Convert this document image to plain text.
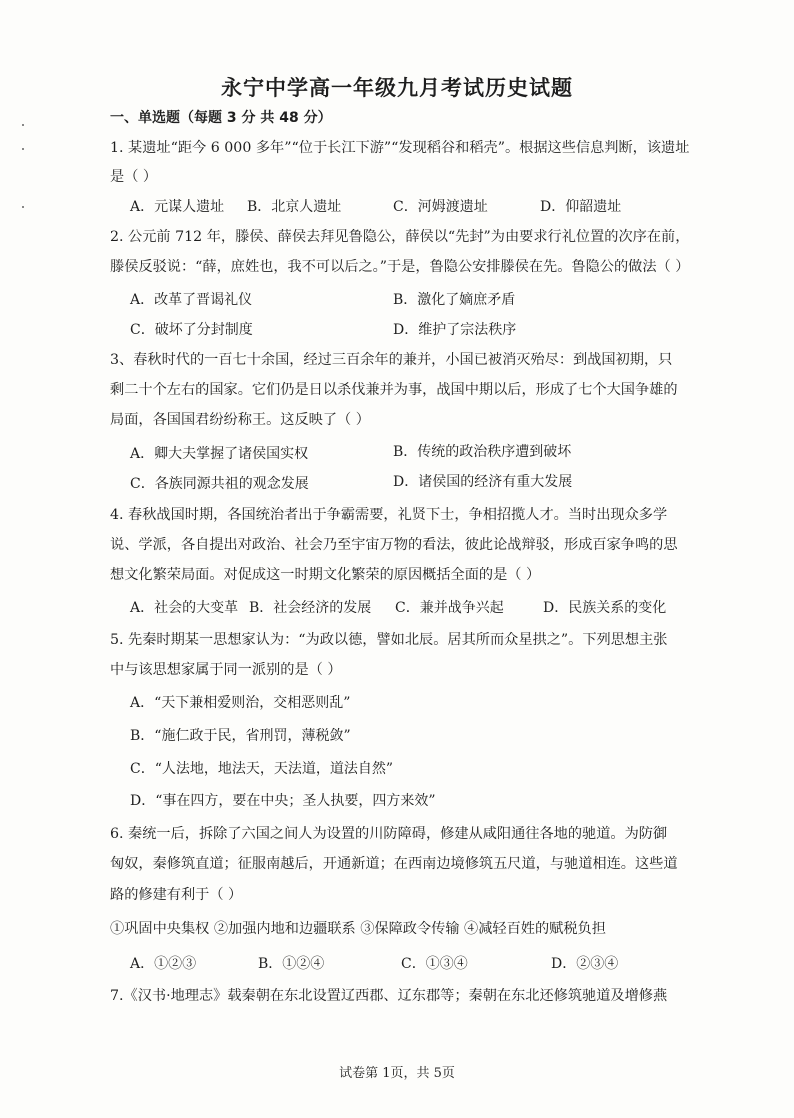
永宁中学高一年级九月考试历史试题
一、单选题（每题 3 分 共 48 分）
1. 某遗址“距今 6 000 多年”“位于长江下游”“发现稻谷和稻壳”。根据这些信息判断，该遗址
是（ ）
A．元谋人遗址 B．北京人遗址	C．河姆渡遗址	D．仰韶遗址
2. 公元前 712 年，滕侯、薛侯去拜见鲁隐公，薛侯以“先封”为由要求行礼位置的次序在前，
滕侯反驳说：“薛，庶姓也，我不可以后之。”于是，鲁隐公安排滕侯在先。鲁隐公的做法（ ）
A．改革了晋谒礼仪	B．激化了嫡庶矛盾
C．破坏了分封制度	D．维护了宗法秩序
3、春秋时代的一百七十余国，经过三百余年的兼并，小国已被消灭殆尽：到战国初期，只
剩二十个左右的国家。它们仍是日以杀伐兼并为事，战国中期以后，形成了七个大国争雄的
局面，各国国君纷纷称王。这反映了（ ）
A．卿大夫掌握了诸侯国实权	B．传统的政治秩序遭到破坏
C．各族同源共祖的观念发展	D．诸侯国的经济有重大发展
4. 春秋战国时期，各国统治者出于争霸需要，礼贤下士，争相招揽人才。当时出现众多学
说、学派，各自提出对政治、社会乃至宇宙万物的看法，彼此论战辩驳，形成百家争鸣的思
想文化繁荣局面。对促成这一时期文化繁荣的原因概括全面的是（ ）
A．社会的大变革 B．社会经济的发展 C．兼并战争兴起	D．民族关系的变化
5. 先秦时期某一思想家认为：“为政以德，譬如北辰。居其所而众星拱之”。下列思想主张
中与该思想家属于同一派别的是（ ）
A．“天下兼相爱则治，交相恶则乱”
B．“施仁政于民，省刑罚，薄税敛”
C．“人法地，地法天，天法道，道法自然”
D．“事在四方，要在中央；圣人执要，四方来效”
6. 秦统一后，拆除了六国之间人为设置的川防障碍，修建从咸阳通往各地的驰道。为防御
匈奴，秦修筑直道；征服南越后，开通新道；在西南边境修筑五尺道，与驰道相连。这些道
路的修建有利于（ ）
①巩固中央集权 ②加强内地和边疆联系 ③保障政令传输 ④减轻百姓的赋税负担
A．①②③	B．①②④	C．①③④	D．②③④
7.《汉书·地理志》载秦朝在东北设置辽西郡、辽东郡等；秦朝在东北还修筑驰道及增修燕
试卷第 1页，共 5页
